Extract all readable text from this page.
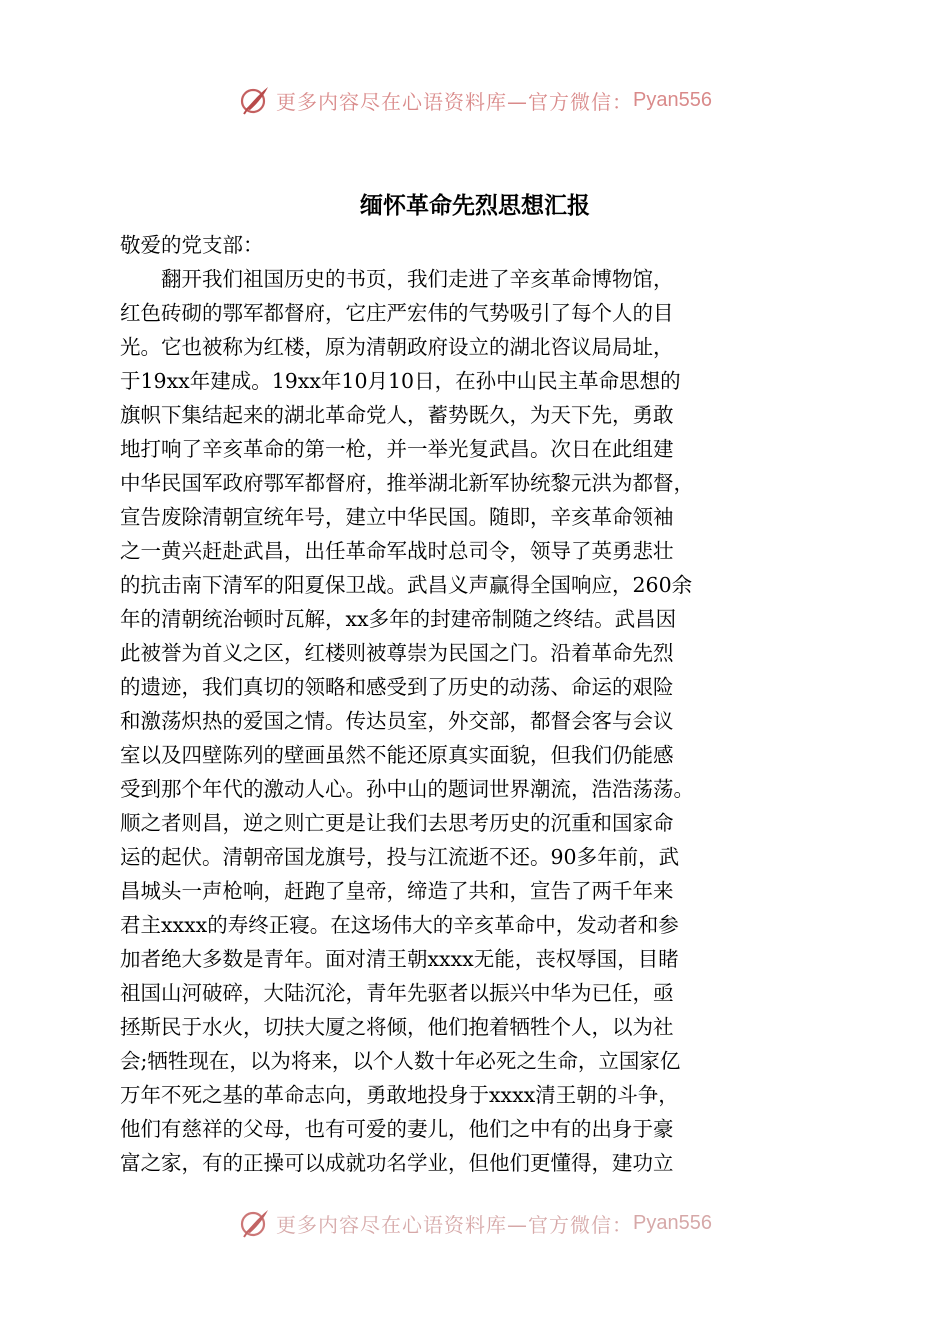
更多内容尽在心语资料库—官方微信： Pyan556
缅怀革命先烈思想汇报

敬爱的党支部：

翻开我们祖国历史的书页，我们走进了辛亥革命博物馆，

红色砖砌的鄂军都督府，它庄严宏伟的气势吸引了每个人的目

光。它也被称为红楼，原为清朝政府设立的湖北咨议局局址，

于19xx年建成。19xx年10月10日，在孙中山民主革命思想的

旗帜下集结起来的湖北革命党人，蓄势既久，为天下先，勇敢

地打响了辛亥革命的第一枪，并一举光复武昌。次日在此组建

中华民国军政府鄂军都督府，推举湖北新军协统黎元洪为都督，

宣告废除清朝宣统年号，建立中华民国。随即，辛亥革命领袖

之一黄兴赶赴武昌，出任革命军战时总司令，领导了英勇悲壮

的抗击南下清军的阳夏保卫战。武昌义声赢得全国响应，260余

年的清朝统治顿时瓦解，xx多年的封建帝制随之终结。武昌因

此被誉为首义之区，红楼则被尊崇为民国之门。沿着革命先烈

的遗迹，我们真切的领略和感受到了历史的动荡、命运的艰险

和激荡炽热的爱国之情。传达员室，外交部，都督会客与会议

室以及四壁陈列的壁画虽然不能还原真实面貌，但我们仍能感

受到那个年代的激动人心。孙中山的题词世界潮流，浩浩荡荡。

顺之者则昌，逆之则亡更是让我们去思考历史的沉重和国家命

运的起伏。清朝帝国龙旗号，投与江流逝不还。90多年前，武

昌城头一声枪响，赶跑了皇帝，缔造了共和，宣告了两千年来

君主xxxx的寿终正寝。在这场伟大的辛亥革命中，发动者和参

加者绝大多数是青年。面对清王朝xxxx无能，丧权辱国，目睹

祖国山河破碎，大陆沉沦，青年先驱者以振兴中华为已任，亟

拯斯民于水火，切扶大厦之将倾，他们抱着牺牲个人，以为社

会;牺牲现在，以为将来，以个人数十年必死之生命，立国家亿

万年不死之基的革命志向，勇敢地投身于xxxx清王朝的斗争，

他们有慈祥的父母，也有可爱的妻儿，他们之中有的出身于豪

富之家，有的正操可以成就功名学业，但他们更懂得，建功立

更多内容尽在心语资料库—官方微信： Pyan556
